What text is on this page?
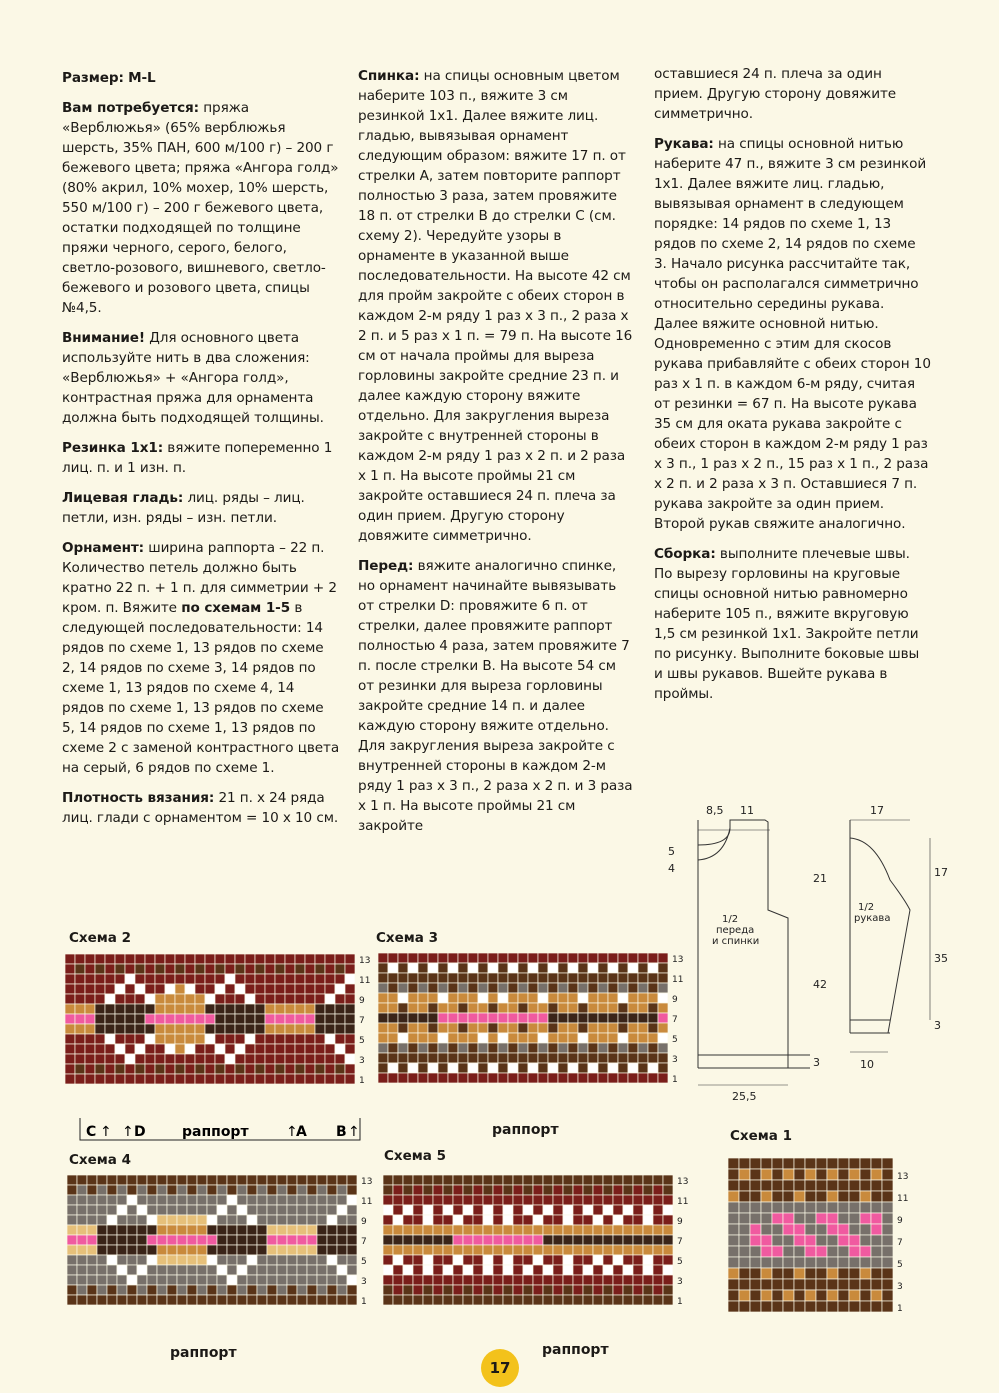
Размер: M-L

Вам потребуется: пряжа «Верблюжья» (65% верблюжья шерсть, 35% ПАН, 600 м/100 г) – 200 г бежевого цвета; пряжа «Ангора голд» (80% акрил, 10% мохер, 10% шерсть, 550 м/100 г) – 200 г бежевого цвета, остатки подходящей по толщине пряжи черного, серого, белого, светло-розового, вишневого, светло-бежевого и розового цвета, спицы №4,5.

Внимание! Для основного цвета используйте нить в два сложения: «Верблюжья» + «Ангора голд», контрастная пряжа для орнамента должна быть подходящей толщины.

Резинка 1х1: вяжите попеременно 1 лиц. п. и 1 изн. п.

Лицевая гладь: лиц. ряды – лиц. петли, изн. ряды – изн. петли.

Орнамент: ширина раппорта – 22 п. Количество петель должно быть кратно 22 п. + 1 п. для симметрии + 2 кром. п. Вяжите по схемам 1-5 в следующей последовательности: 14 рядов по схеме 1, 13 рядов по схеме 2, 14 рядов по схеме 3, 14 рядов по схеме 1, 13 рядов по схеме 4, 14 рядов по схеме 1, 13 рядов по схеме 5, 14 рядов по схеме 1, 13 рядов по схеме 2 с заменой контрастного цвета на серый, 6 рядов по схеме 1.

Плотность вязания: 21 п. х 24 ряда лиц. глади с орнаментом = 10 х 10 см.

Спинка: на спицы основным цветом наберите 103 п., вяжите 3 см резинкой 1х1. Далее вяжите лиц. гладью, вывязывая орнамент следующим образом: вяжите 17 п. от стрелки А, затем повторите раппорт полностью 3 раза, затем провяжите 18 п. от стрелки В до стрелки С (см. схему 2). Чередуйте узоры в орнаменте в указанной выше последовательности. На высоте 42 см для пройм закройте с обеих сторон в каждом 2-м ряду 1 раз х 3 п., 2 раза х 2 п. и 5 раз х 1 п. = 79 п. На высоте 16 см от начала проймы для выреза горловины закройте средние 23 п. и далее каждую сторону вяжите отдельно. Для закругления выреза закройте с внутренней стороны в каждом 2-м ряду 1 раз х 2 п. и 2 раза х 1 п. На высоте проймы 21 см закройте оставшиеся 24 п. плеча за один прием. Другую сторону довяжите симметрично.

Перед: вяжите аналогично спинке, но орнамент начинайте вывязывать от стрелки D: провяжите 6 п. от стрелки, далее провяжите раппорт полностью 4 раза, затем провяжите 7 п. после стрелки В. На высоте 54 см от резинки для выреза горловины закройте средние 14 п. и далее каждую сторону вяжите отдельно. Для закругления выреза закройте с внутренней стороны в каждом 2-м ряду 1 раз х 3 п., 2 раза х 2 п. и 3 раза х 1 п. На высоте проймы 21 см закройте

оставшиеся 24 п. плеча за один прием. Другую сторону довяжите симметрично.

Рукава: на спицы основной нитью наберите 47 п., вяжите 3 см резинкой 1х1. Далее вяжите лиц. гладью, вывязывая орнамент в следующем порядке: 14 рядов по схеме 1, 13 рядов по схеме 2, 14 рядов по схеме 3. Начало рисунка рассчитайте так, чтобы он располагался симметрично относительно середины рукава. Далее вяжите основной нитью. Одновременно с этим для скосов рукава прибавляйте с обеих сторон 10 раз х 1 п. в каждом 6-м ряду, считая от резинки = 67 п. На высоте рукава 35 см для оката рукава закройте с обеих сторон в каждом 2-м ряду 1 раз х 3 п., 1 раз х 2 п., 15 раз х 1 п., 2 раза х 2 п. и 2 раза х 3 п. Оставшиеся 7 п. рукава закройте за один прием. Второй рукав свяжите аналогично.

Сборка: выполните плечевые швы. По вырезу горловины на круговые спицы основной нитью равномерно наберите 105 п., вяжите вкруговую 1,5 см резинкой 1х1. Закройте петли по рисунку. Выполните боковые швы и швы рукавов. Вшейте рукава в проймы.

8,5 11
5
4
21
42
3
25,5
17
17
35
3
10
1/2
переда
и спинки
1/2
рукава
Схема 2	Схема 3
Схема 4	Схема 5
Схема 1
1
3
5
7
9
11
13
1
3
5
7
9
11
13
1
3
5
7
9
11
13
1
3
5
7
9
11
13
1
3
5
7
9
11
13
C ↑ ↑ D	раппорт	↑
A B ↑	раппорт
раппорт	раппорт
17
